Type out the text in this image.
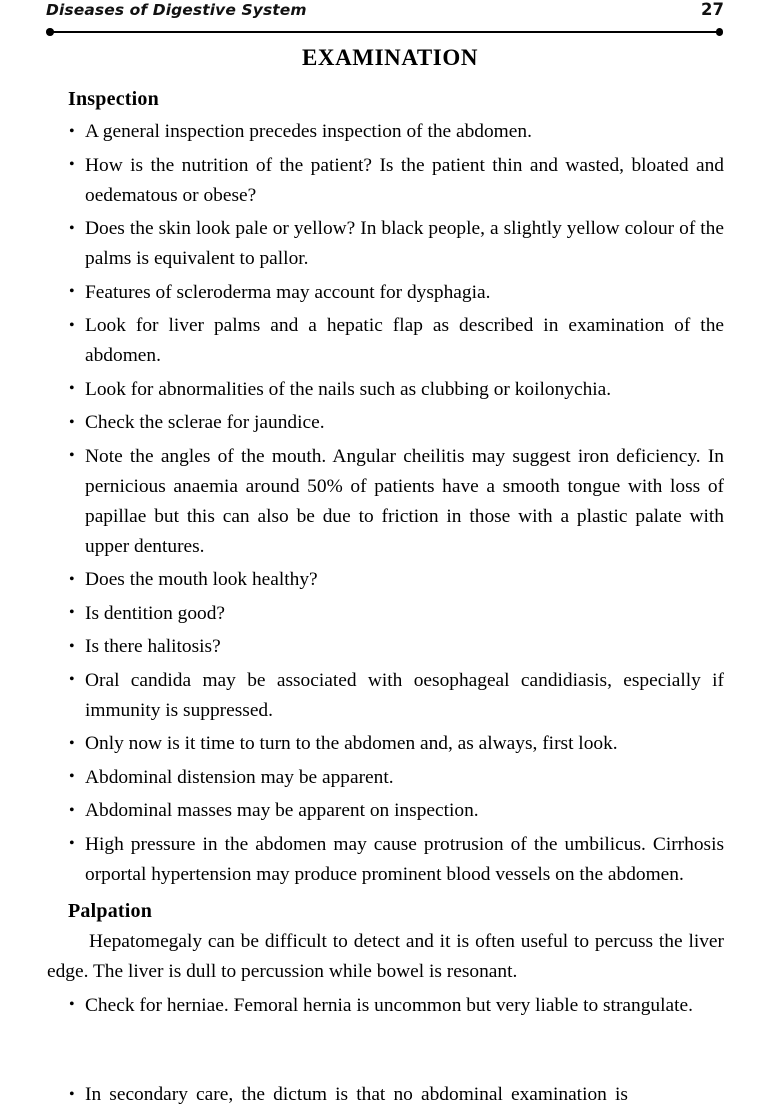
Diseases of Digestive System	27
EXAMINATION
Inspection
• A general inspection precedes inspection of the abdomen.
• How is the nutrition of the patient? Is the patient thin and wasted, bloated and oedematous or obese?
• Does the skin look pale or yellow? In black people, a slightly yellow colour of the palms is equivalent to pallor.
• Features of scleroderma may account for dysphagia.
• Look for liver palms and a hepatic flap as described in examination of the abdomen.
• Look for abnormalities of the nails such as clubbing or koilonychia.
• Check the sclerae for jaundice.
• Note the angles of the mouth. Angular cheilitis may suggest iron deficiency. In pernicious anaemia around 50% of patients have a smooth tongue with loss of papillae but this can also be due to friction in those with a plastic palate with upper dentures.
• Does the mouth look healthy?
• Is dentition good?
• Is there halitosis?
• Oral candida may be associated with oesophageal candidiasis, especially if immunity is suppressed.
• Only now is it time to turn to the abdomen and, as always, first look.
• Abdominal distension may be apparent.
• Abdominal masses may be apparent on inspection.
• High pressure in the abdomen may cause protrusion of the umbilicus. Cirrhosis orportal hypertension may produce prominent blood vessels on the abdomen.
Palpation

Hepatomegaly can be difficult to detect and it is often useful to percuss the liver edge. The liver is dull to percussion while bowel is resonant.

• Check for herniae. Femoral hernia is uncommon but very liable to strangulate.
• In secondary care, the dictum is that no abdominal examination is
